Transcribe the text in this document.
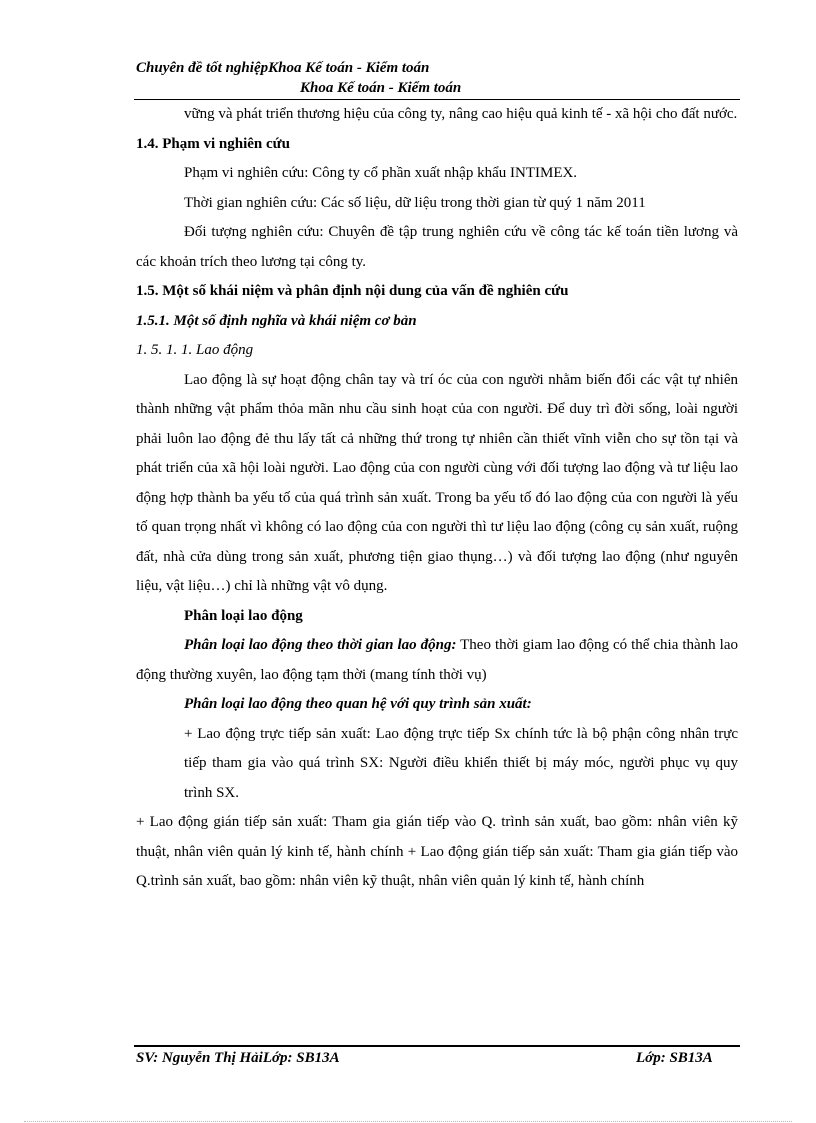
Chuyên đề tốt nghiệpKhoa Kế toán - Kiểm toán
Khoa Kế toán - Kiểm toán

vững và phát triển thương hiệu của công ty, nâng cao hiệu quả kinh tế - xã hội cho đất nước.

1.4. Phạm vi nghiên cứu

Phạm vi nghiên cứu: Công ty cổ phần xuất nhập khẩu INTIMEX.

Thời gian nghiên cứu: Các số liệu, dữ liệu trong thời gian từ quý 1 năm 2011

Đối tượng nghiên cứu: Chuyên đề tập trung nghiên cứu về công tác kế toán tiền lương và các khoản trích theo lương tại công ty.

1.5. Một số khái niệm và phân định nội dung của vấn đề nghiên cứu

1.5.1. Một số định nghĩa và khái niệm cơ bản

1. 5. 1. 1. Lao động

Lao động là sự hoạt động chân tay và trí óc của con người nhằm biến đổi các vật tự nhiên thành những vật phẩm thỏa mãn nhu cầu sinh hoạt của con người. Để duy trì đời sống, loài người phải luôn lao động đẻ thu lấy tất cả những thứ trong tự nhiên cần thiết vĩnh viễn cho sự tồn tại và phát triển của xã hội loài người. Lao động của con người cùng với đối tượng lao động và tư liệu lao động hợp thành ba yếu tố của quá trình sản xuất. Trong ba yếu tố đó lao động của con người là yếu tố quan trọng nhất vì không có lao động của con người thì tư liệu lao động (công cụ sản xuất, ruộng đất, nhà cửa dùng trong sản xuất, phương tiện giao thụng…) và đối tượng lao động (như nguyên liệu, vật liệu…) chỉ là những vật vô dụng.

Phân loại lao động

Phân loại lao động theo thời gian lao động: Theo thời giam lao động có thể chia thành lao động thường xuyên, lao động tạm thời (mang tính thời vụ)

Phân loại lao động theo quan hệ với quy trình sản xuất:

+ Lao động trực tiếp sản xuất: Lao động trực tiếp Sx chính tức là bộ phận công nhân trực tiếp tham gia vào quá trình SX: Người điều khiển thiết bị máy móc, người phục vụ quy trình SX.

+ Lao động gián tiếp sản xuất: Tham gia gián tiếp vào Q. trình sản xuất, bao gồm: nhân viên kỹ thuật, nhân viên quản lý kinh tế, hành chính + Lao động gián tiếp sản xuất: Tham gia gián tiếp vào Q.trình sản xuất, bao gồm: nhân viên kỹ thuật, nhân viên quản lý kinh tế, hành chính

SV: Nguyễn Thị HảiLớp: SB13A	Lớp: SB13A
